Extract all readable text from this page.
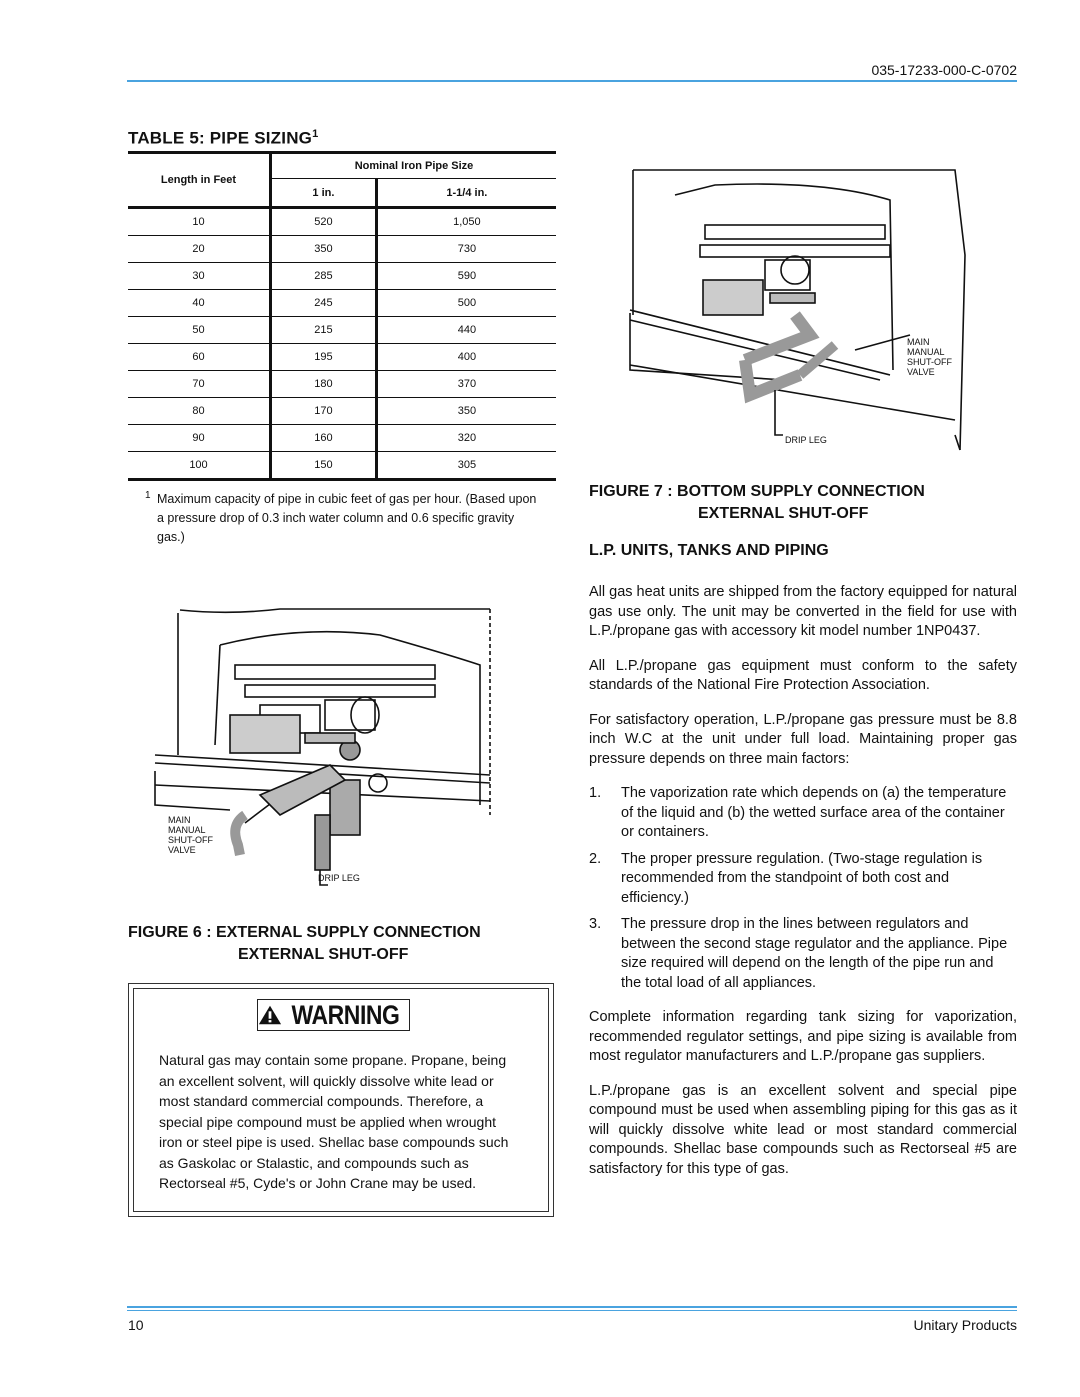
035-17233-000-C-0702
TABLE 5: PIPE SIZING$^1$
Length in Feet	Nominal Iron Pipe Size	
	1 in.	1-1/4 in.
10	520	1,050
20	350	730
30	285	590
40	245	500
50	215	440
60	195	400
70	180	370
80	170	350
90	160	320
100	150	305
1 Maximum capacity of pipe in cubic feet of gas per hour. (Based upon a pressure drop of 0.3 inch water column and 0.6 specific gravity gas.)
MAIN
MANUAL
SHUT-OFF
VALVE
DRIP LEG
FIGURE 6 : EXTERNAL SUPPLY CONNECTION
EXTERNAL SHUT-OFF
WARNING
Natural gas may contain some propane. Propane, being an excellent solvent, will quickly dissolve white lead or most standard commercial compounds. Therefore, a special pipe compound must be applied when wrought iron or steel pipe is used. Shellac base compounds such as Gaskolac or Stalastic, and compounds such as Rectorseal #5, Cyde's or John Crane may be used.
MAIN
MANUAL
SHUT-OFF
VALVE
DRIP LEG
FIGURE 7 : BOTTOM SUPPLY CONNECTION
EXTERNAL SHUT-OFF
L.P. UNITS, TANKS AND PIPING

All gas heat units are shipped from the factory equipped for natural gas use only. The unit may be converted in the field for use with L.P./propane gas with accessory kit model number 1NP0437.

All L.P./propane gas equipment must conform to the safety standards of the National Fire Protection Association.

For satisfactory operation, L.P./propane gas pressure must be 8.8 inch W.C at the unit under full load. Maintaining proper gas pressure depends on three main factors:

1. The vaporization rate which depends on (a) the temperature of the liquid and (b) the wetted surface area of the container or containers.
2. The proper pressure regulation. (Two-stage regulation is recommended from the standpoint of both cost and efficiency.)
3. The pressure drop in the lines between regulators and between the second stage regulator and the appliance. Pipe size required will depend on the length of the pipe run and the total load of all appliances.

Complete information regarding tank sizing for vaporization, recommended regulator settings, and pipe sizing is available from most regulator manufacturers and L.P./propane gas suppliers.

L.P./propane gas is an excellent solvent and special pipe compound must be used when assembling piping for this gas as it will quickly dissolve white lead or most standard commercial compounds. Shellac base compounds such as Rectorseal #5 are satisfactory for this type of gas.

10	Unitary Products
